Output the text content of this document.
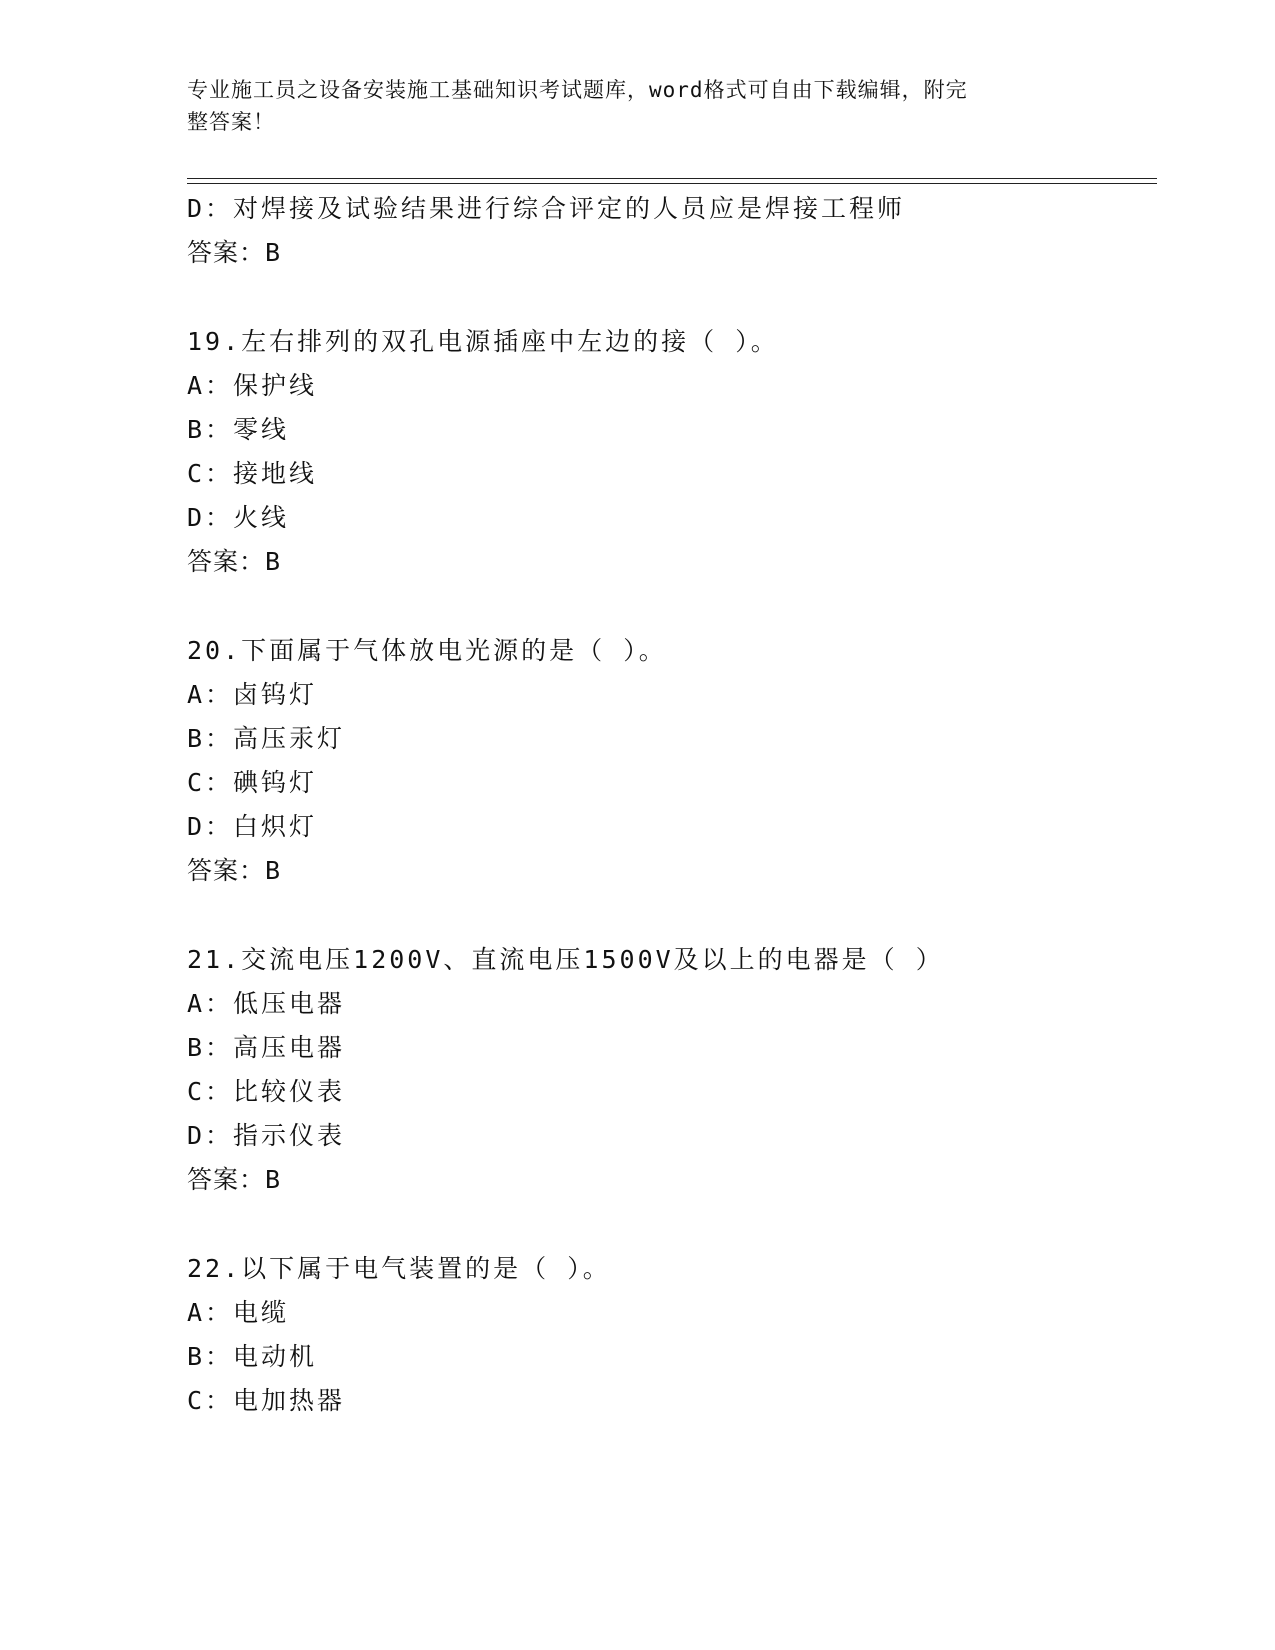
专业施工员之设备安装施工基础知识考试题库，word格式可自由下载编辑，附完
整答案！
D：对焊接及试验结果进行综合评定的人员应是焊接工程师
答案：B
19.左右排列的双孔电源插座中左边的接（ ）。
A：保护线
B：零线
C：接地线
D：火线
答案：B
20.下面属于气体放电光源的是（ ）。
A：卤钨灯
B：高压汞灯
C：碘钨灯
D：白炽灯
答案：B
21.交流电压1200V、直流电压1500V及以上的电器是（ ）
A：低压电器
B：高压电器
C：比较仪表
D：指示仪表
答案：B
22.以下属于电气装置的是（ ）。
A：电缆
B：电动机
C：电加热器
